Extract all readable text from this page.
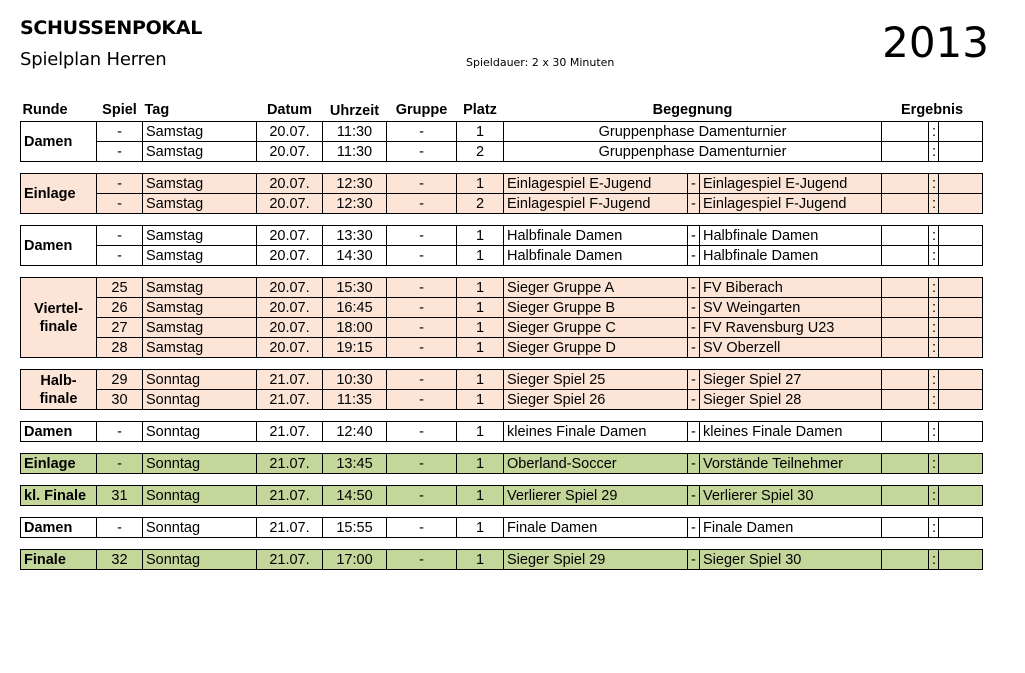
SCHUSSENPOKAL
Spielplan Herren	Spieldauer: 2 x 30 Minuten	2013
Runde	Spiel	Tag	Datum	Uhrzeit	Gruppe	Platz	Begegnung			Ergebnis		
Damen	-	Samstag	20.07.	11:30	-	1	Gruppenphase Damenturnier				:	
	-	Samstag	20.07.	11:30	-	2	Gruppenphase Damenturnier				:	

Einlage	-	Samstag	20.07.	12:30	-	1	Einlagespiel E-Jugend	-	Einlagespiel E-Jugend		:	
	-	Samstag	20.07.	12:30	-	2	Einlagespiel F-Jugend	-	Einlagespiel F-Jugend		:	

Damen	-	Samstag	20.07.	13:30	-	1	Halbfinale Damen	-	Halbfinale Damen		:	
	-	Samstag	20.07.	14:30	-	1	Halbfinale Damen	-	Halbfinale Damen		:	

Viertel-
finale	25	Samstag	20.07.	15:30	-	1	Sieger Gruppe A	-	FV Biberach		:	
	26	Samstag	20.07.	16:45	-	1	Sieger Gruppe B	-	SV Weingarten		:	
	27	Samstag	20.07.	18:00	-	1	Sieger Gruppe C	-	FV Ravensburg U23		:	
	28	Samstag	20.07.	19:15	-	1	Sieger Gruppe D	-	SV Oberzell		:	

Halb-
finale	29	Sonntag	21.07.	10:30	-	1	Sieger Spiel 25	-	Sieger Spiel 27		:	
	30	Sonntag	21.07.	11:35	-	1	Sieger Spiel 26	-	Sieger Spiel 28		:	

Damen	-	Sonntag	21.07.	12:40	-	1	kleines Finale Damen	-	kleines Finale Damen		:	

Einlage	-	Sonntag	21.07.	13:45	-	1	Oberland-Soccer	-	Vorstände Teilnehmer		:	

kl. Finale	31	Sonntag	21.07.	14:50	-	1	Verlierer Spiel 29	-	Verlierer Spiel 30		:	

Damen	-	Sonntag	21.07.	15:55	-	1	Finale Damen	-	Finale Damen		:	

Finale	32	Sonntag	21.07.	17:00	-	1	Sieger Spiel 29	-	Sieger Spiel 30		:	
